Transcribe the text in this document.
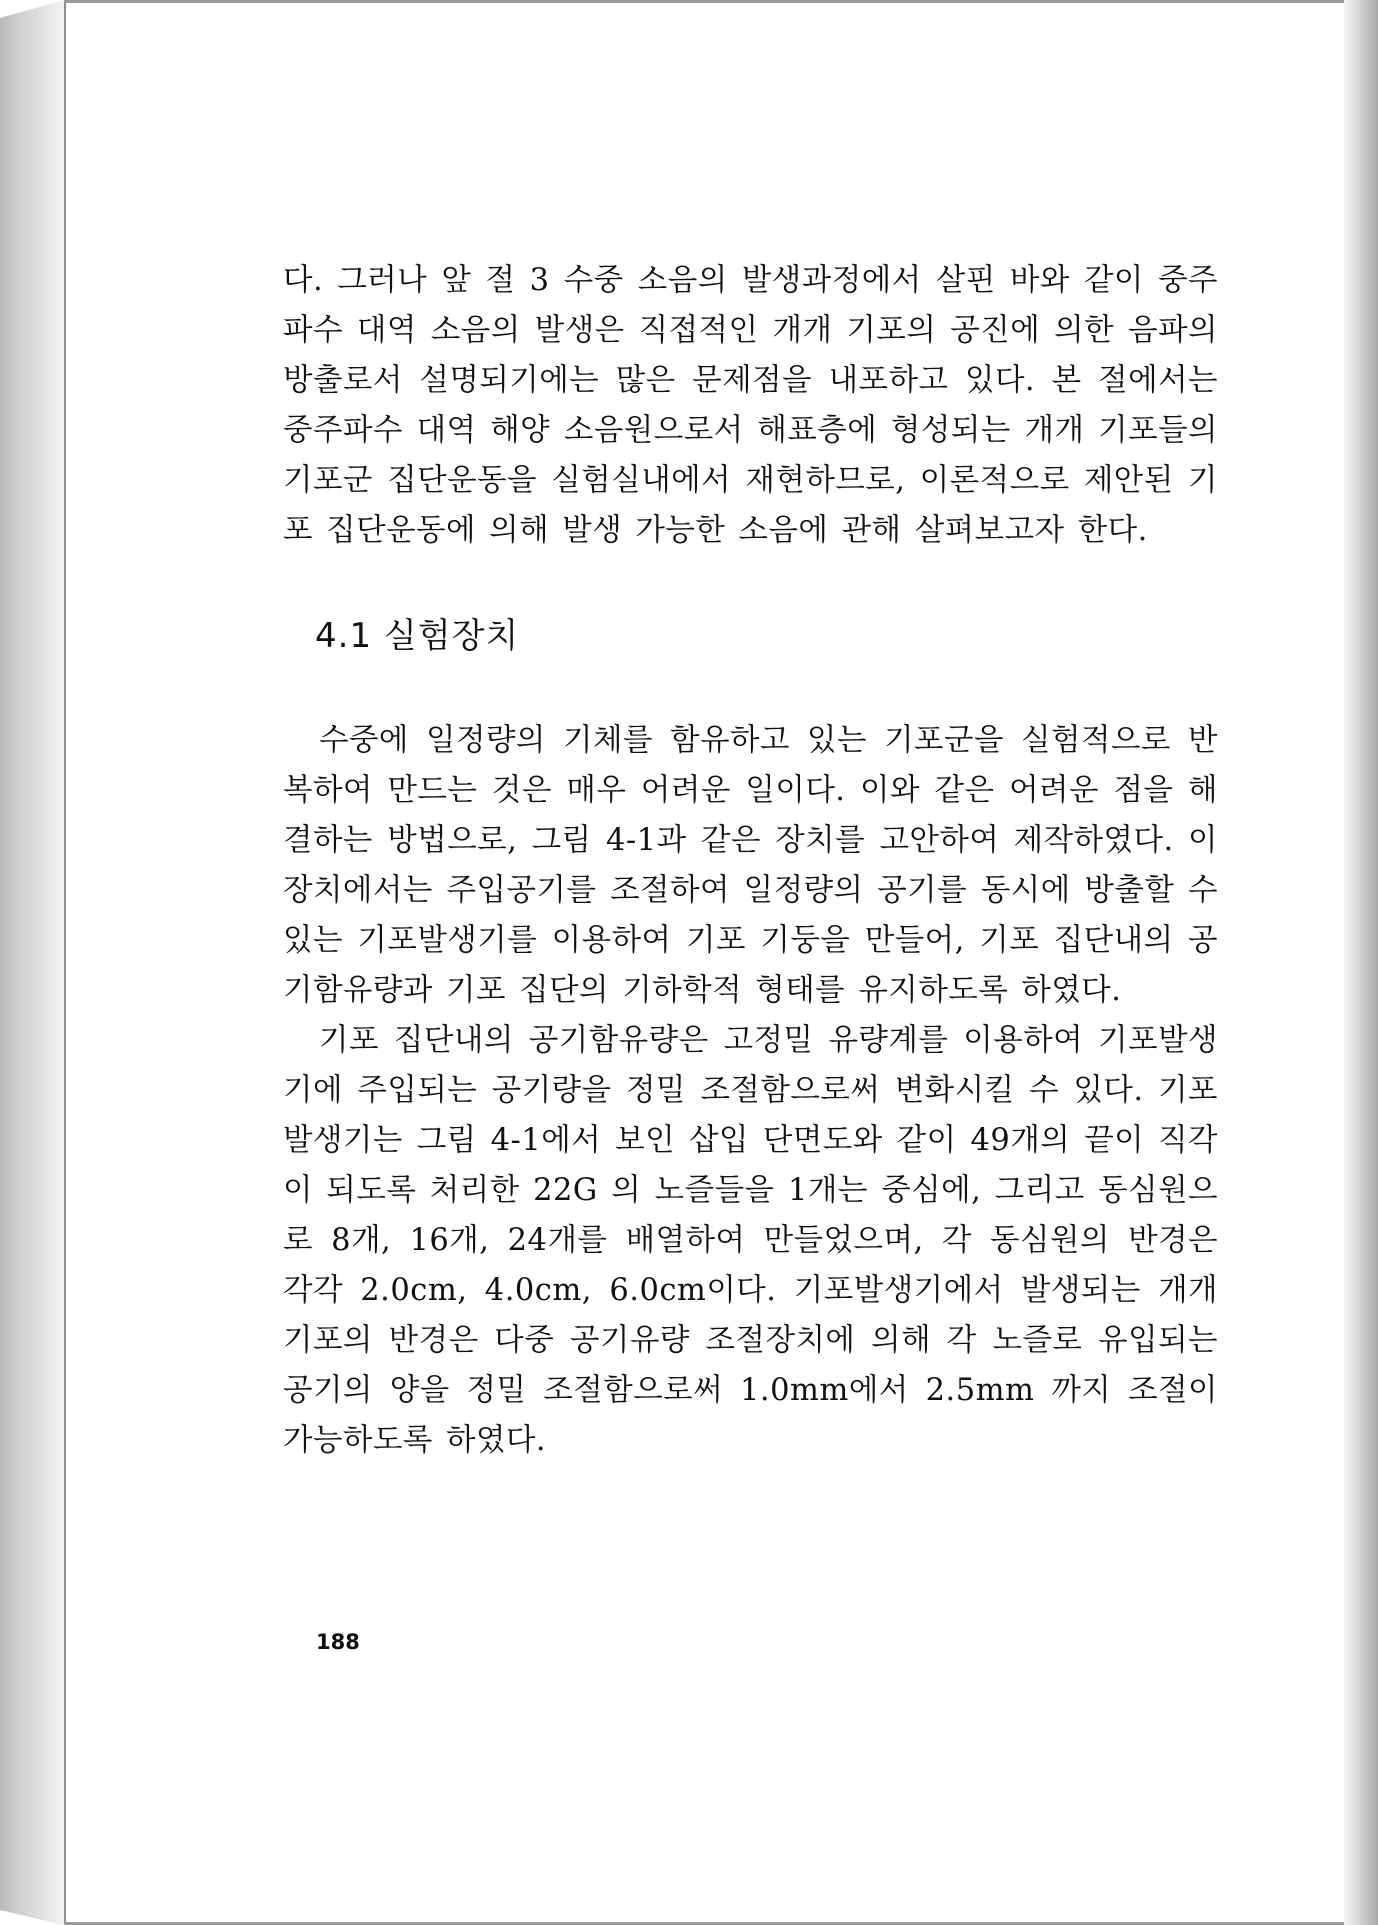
다. 그러나 앞 절 3 수중 소음의 발생과정에서 살핀 바와 같이 중주파수 대역 소음의 발생은 직접적인 개개 기포의 공진에 의한 음파의 방출로서 설명되기에는 많은 문제점을 내포하고 있다. 본 절에서는 중주파수 대역 해양 소음원으로서 해표층에 형성되는 개개 기포들의 기포군 집단운동을 실험실내에서 재현하므로, 이론적으로 제안된 기포 집단운동에 의해 발생 가능한 소음에 관해 살펴보고자 한다.

4.1 실험장치

수중에 일정량의 기체를 함유하고 있는 기포군을 실험적으로 반복하여 만드는 것은 매우 어려운 일이다. 이와 같은 어려운 점을 해결하는 방법으로, 그림 4-1과 같은 장치를 고안하여 제작하였다. 이 장치에서는 주입공기를 조절하여 일정량의 공기를 동시에 방출할 수 있는 기포발생기를 이용하여 기포 기둥을 만들어, 기포 집단내의 공기함유량과 기포 집단의 기하학적 형태를 유지하도록 하였다.

기포 집단내의 공기함유량은 고정밀 유량계를 이용하여 기포발생기에 주입되는 공기량을 정밀 조절함으로써 변화시킬 수 있다. 기포발생기는 그림 4-1에서 보인 삽입 단면도와 같이 49개의 끝이 직각이 되도록 처리한 22G 의 노즐들을 1개는 중심에, 그리고 동심원으로 8개, 16개, 24개를 배열하여 만들었으며, 각 동심원의 반경은 각각 2.0cm, 4.0cm, 6.0cm이다. 기포발생기에서 발생되는 개개 기포의 반경은 다중 공기유량 조절장치에 의해 각 노즐로 유입되는 공기의 양을 정밀 조절함으로써 1.0mm에서 2.5mm 까지 조절이 가능하도록 하였다.

188
